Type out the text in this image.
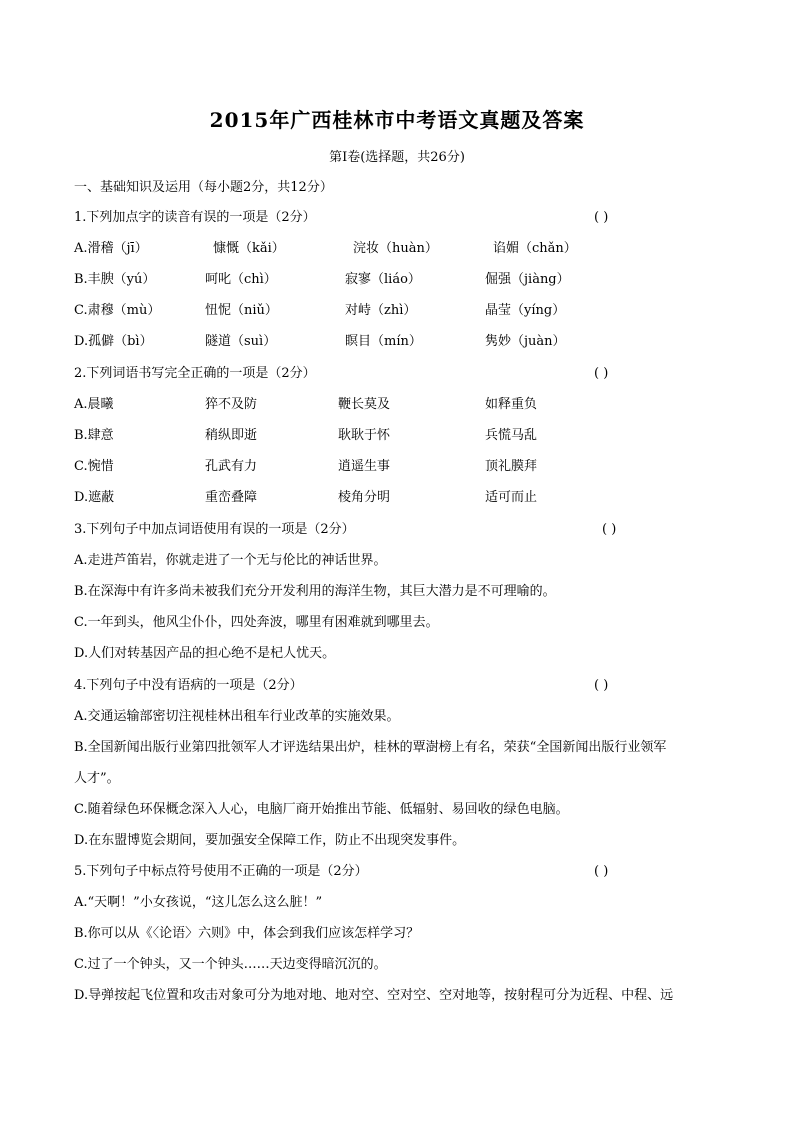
2015年广西桂林市中考语文真题及答案
第Ⅰ卷(选择题，共26分)
一、基础知识及运用（每小题2分，共12分）
1.下列加点字的读音有误的一项是（2分）	( )
A.滑稽（jī）	慷慨（kǎi）	浣妆（huàn）	谄媚（chǎn）
B.丰腴（yú）	呵叱（chì）	寂寥（liáo）	倔强（jiàng）
C.肃穆（mù）	忸怩（niǔ）	对峙（zhì）	晶莹（yíng）
D.孤僻（bì）	隧道（suì）	瞑目（mín）	隽妙（juàn）
2.下列词语书写完全正确的一项是（2分）	( )
A.晨曦	猝不及防	鞭长莫及	如释重负
B.肆意	稍纵即逝	耿耿于怀	兵慌马乱
C.惋惜	孔武有力	逍遥生事	顶礼膜拜
D.遮蔽	重峦叠障	棱角分明	适可而止
3.下列句子中加点词语使用有误的一项是（2分）	( )
A.走进芦笛岩，你就走进了一个无与伦比的神话世界。
B.在深海中有许多尚未被我们充分开发利用的海洋生物，其巨大潜力是不可理喻的。
C.一年到头，他风尘仆仆，四处奔波，哪里有困难就到哪里去。
D.人们对转基因产品的担心绝不是杞人忧天。
4.下列句子中没有语病的一项是（2分）	( )
A.交通运输部密切注视桂林出租车行业改革的实施效果。
B.全国新闻出版行业第四批领军人才评选结果出炉，桂林的覃澍榜上有名，荣获“全国新闻出版行业领军
人才”。
C.随着绿色环保概念深入人心，电脑厂商开始推出节能、低辐射、易回收的绿色电脑。
D.在东盟博览会期间，要加强安全保障工作，防止不出现突发事件。
5.下列句子中标点符号使用不正确的一项是（2分）	( )
A.“天啊！”小女孩说，“这儿怎么这么脏！”
B.你可以从《〈论语〉六则》中，体会到我们应该怎样学习？
C.过了一个钟头，又一个钟头……天边变得暗沉沉的。
D.导弹按起飞位置和攻击对象可分为地对地、地对空、空对空、空对地等，按射程可分为近程、中程、远
